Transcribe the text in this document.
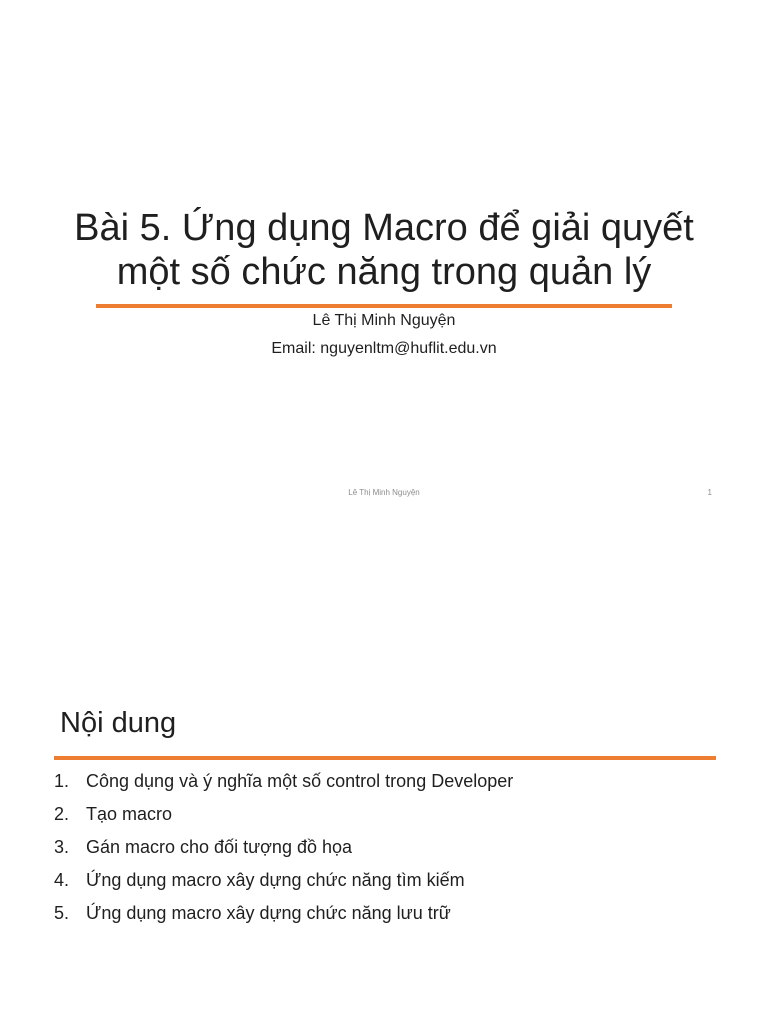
Bài 5. Ứng dụng Macro để giải quyết
một số chức năng trong quản lý
Lê Thị Minh Nguyện
Email: nguyenltm@huflit.edu.vn
Lê Thị Minh Nguyện	1
Nội dung
1. Công dụng và ý nghĩa một số control trong Developer
2. Tạo macro
3. Gán macro cho đối tượng đồ họa
4. Ứng dụng macro xây dựng chức năng tìm kiếm
5. Ứng dụng macro xây dựng chức năng lưu trữ
